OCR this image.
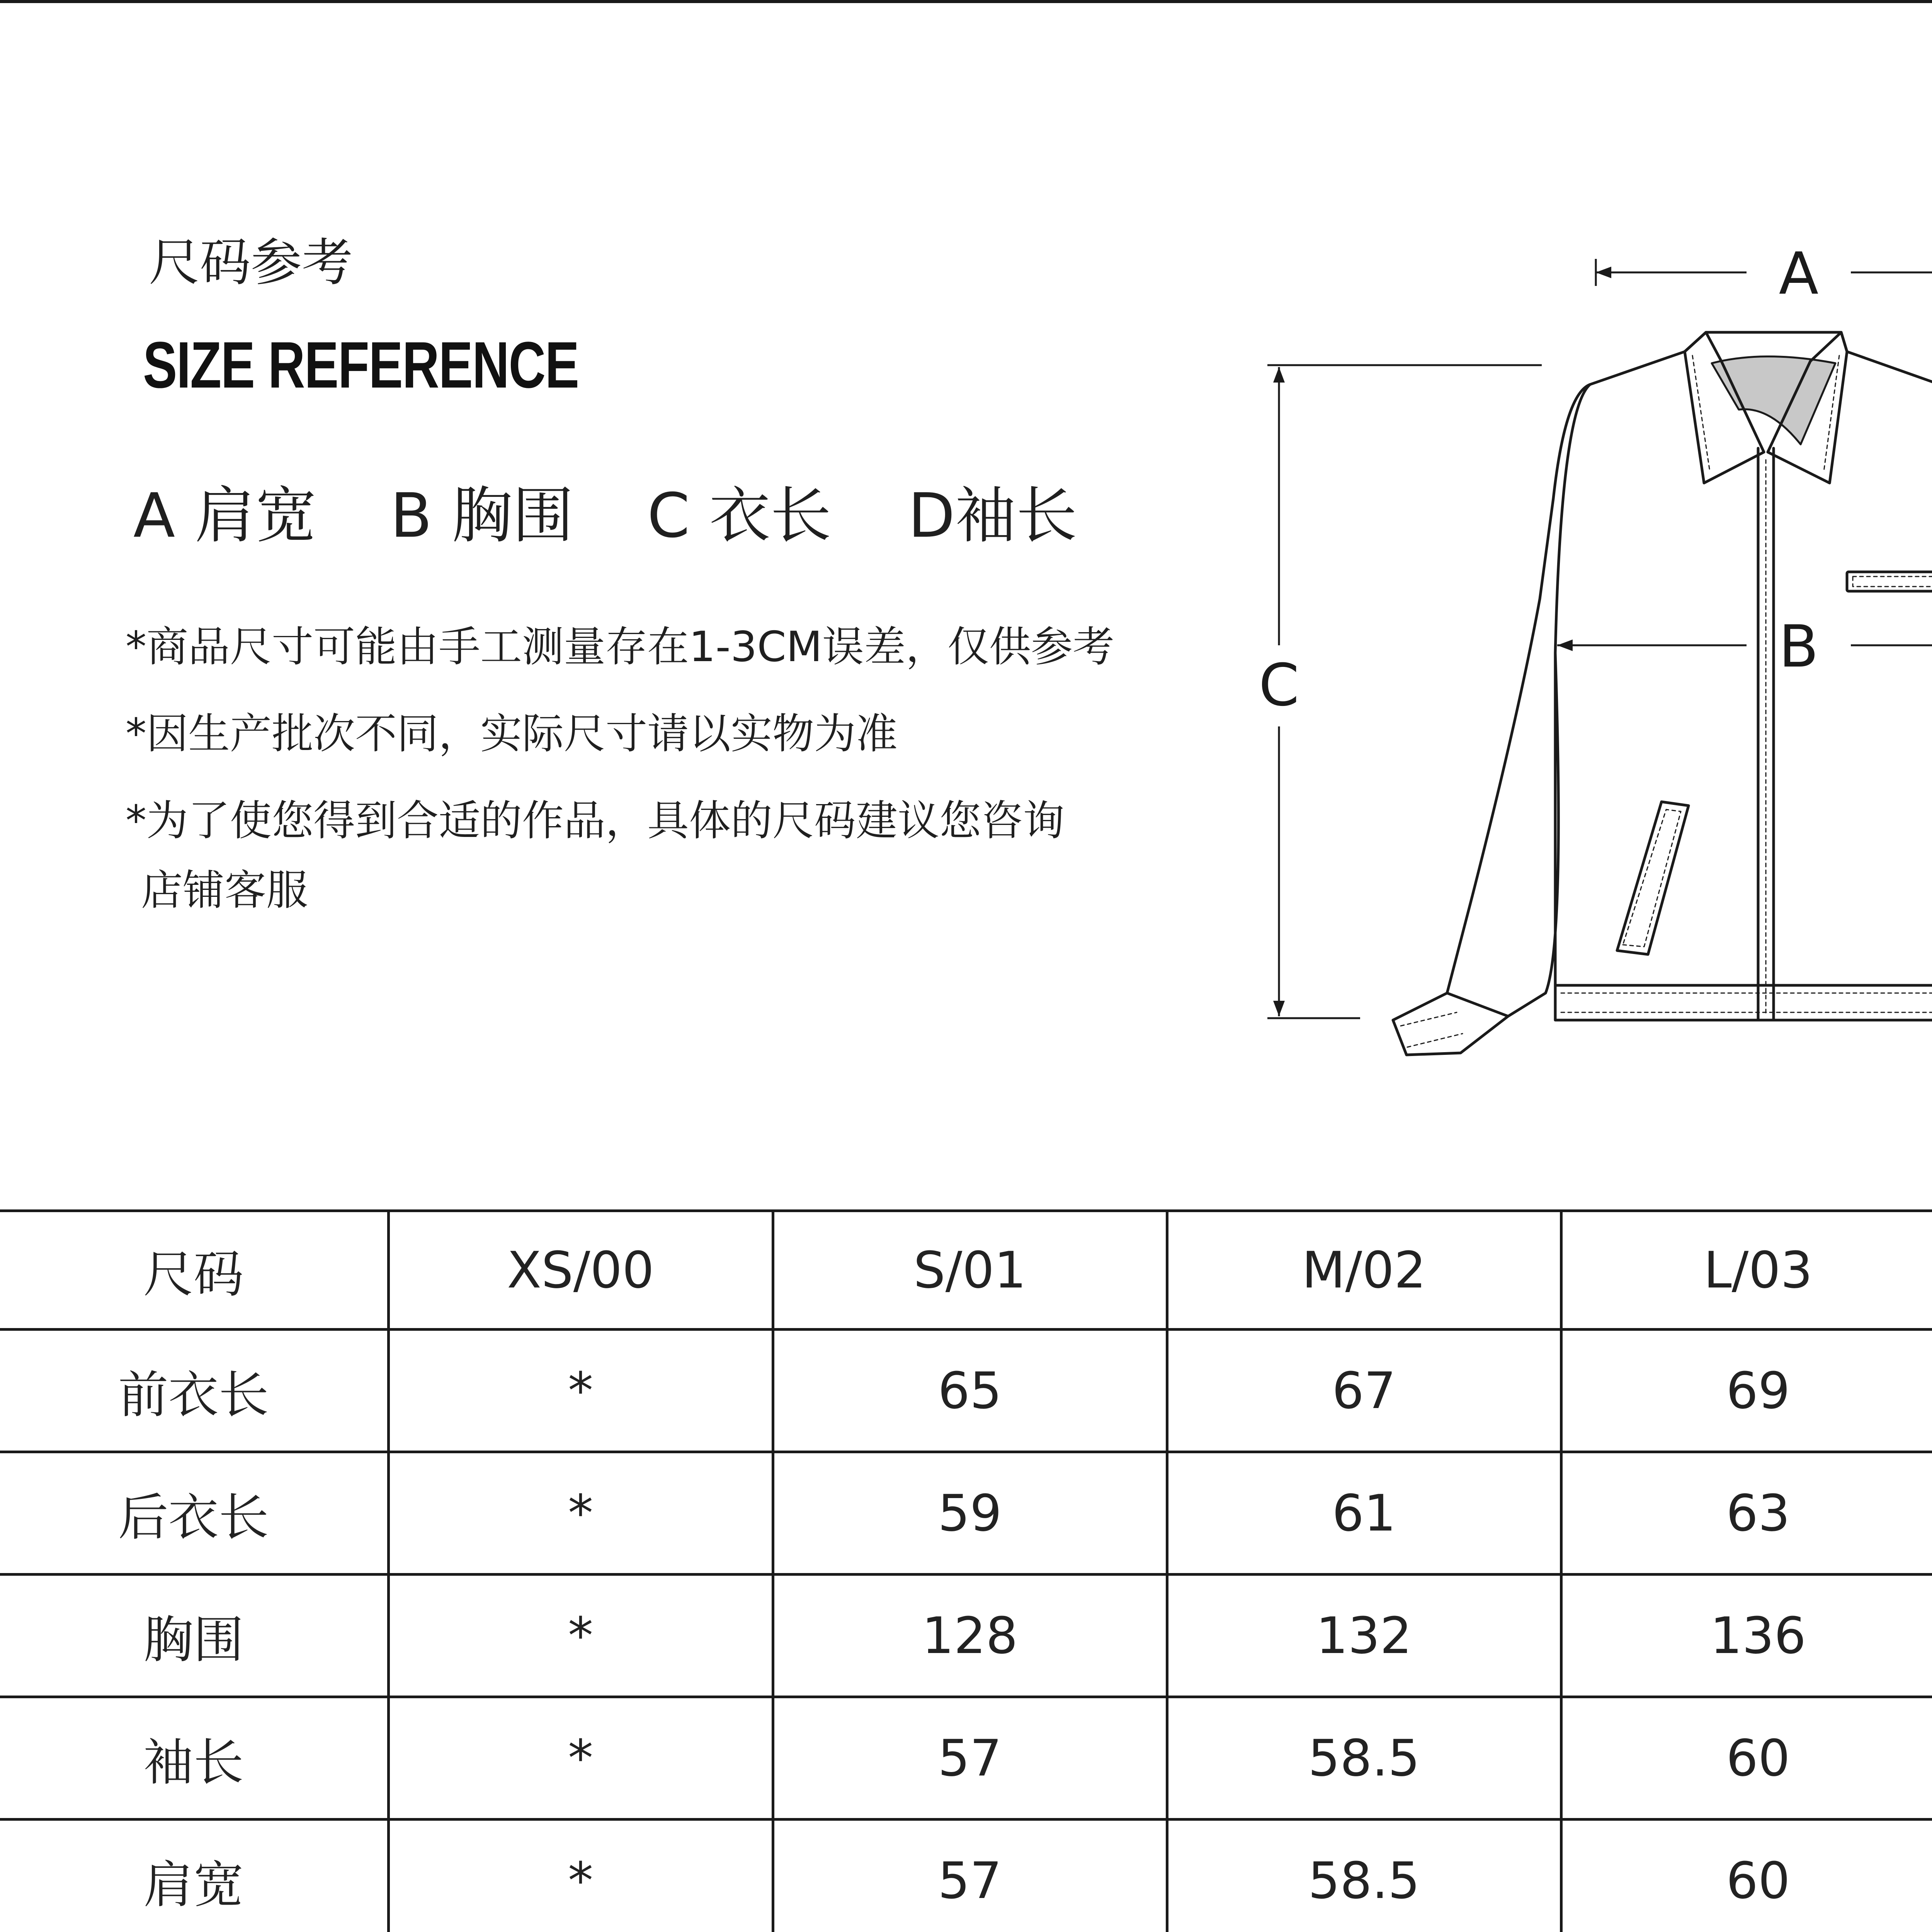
尺码参考
SIZE REFERENCE
A 肩宽 B 胸围 C 衣长 D袖长
*商品尺寸可能由手工测量存在1-3CM误差，仅供参考
*因生产批次不同，实际尺寸请以实物为准
*为了使您得到合适的作品，具体的尺码建议您咨询
店铺客服
A
B
C
尺码	XS/00	S/01	M/02	L/03	
前衣长	*	65	67	69	
后衣长	*	59	61	63	
胸围	*	128	132	136	
袖长	*	57	58.5	60	
肩宽	*	57	58.5	60	
